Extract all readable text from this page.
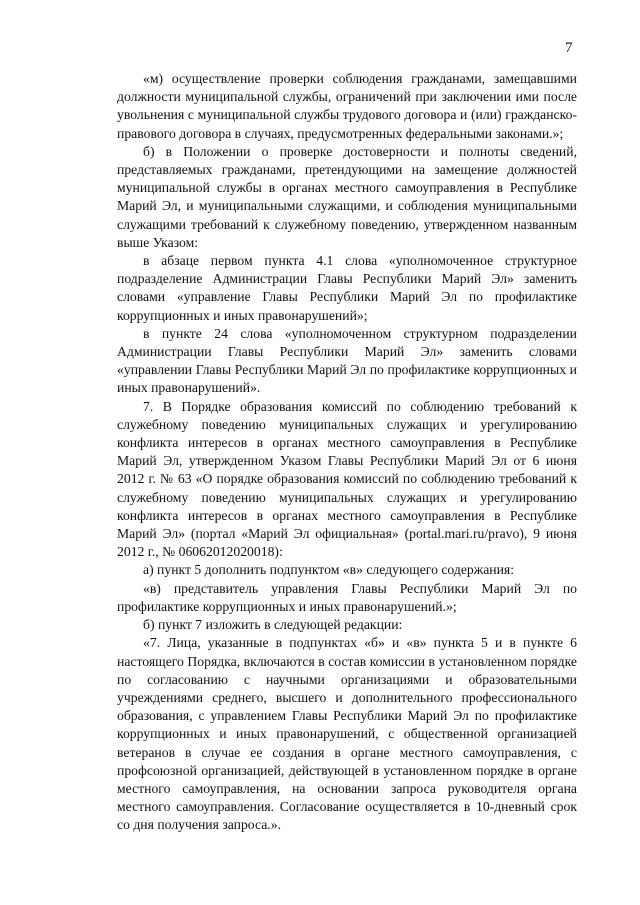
7

«м) осуществление проверки соблюдения гражданами, замещавшими должности муниципальной службы, ограничений при заключении ими после увольнения с муниципальной службы трудового договора и (или) гражданско-правового договора в случаях, предусмотренных федеральными законами.»;

б) в Положении о проверке достоверности и полноты сведений, представляемых гражданами, претендующими на замещение должностей муниципальной службы в органах местного самоуправления в Республике Марий Эл, и муниципальными служащими, и соблюдения муниципальными служащими требований к служебному поведению, утвержденном названным выше Указом:

в абзаце первом пункта 4.1 слова «уполномоченное структурное подразделение Администрации Главы Республики Марий Эл» заменить словами «управление Главы Республики Марий Эл по профилактике коррупционных и иных правонарушений»;

в пункте 24 слова «уполномоченном структурном подразделении Администрации Главы Республики Марий Эл» заменить словами «управлении Главы Республики Марий Эл по профилактике коррупционных и иных правонарушений».

7. В Порядке образования комиссий по соблюдению требований к служебному поведению муниципальных служащих и урегулированию конфликта интересов в органах местного самоуправления в Республике Марий Эл, утвержденном Указом Главы Республики Марий Эл от 6 июня 2012 г. № 63 «О порядке образования комиссий по соблюдению требований к служебному поведению муниципальных служащих и урегулированию конфликта интересов в органах местного самоуправления в Республике Марий Эл» (портал «Марий Эл официальная» (portal.mari.ru/pravo), 9 июня 2012 г., № 06062012020018):

а) пункт 5 дополнить подпунктом «в» следующего содержания:

«в) представитель управления Главы Республики Марий Эл по профилактике коррупционных и иных правонарушений.»;

б) пункт 7 изложить в следующей редакции:

«7. Лица, указанные в подпунктах «б» и «в» пункта 5 и в пункте 6 настоящего Порядка, включаются в состав комиссии в установленном порядке по согласованию с научными организациями и образовательными учреждениями среднего, высшего и дополнительного профессионального образования, с управлением Главы Республики Марий Эл по профилактике коррупционных и иных правонарушений, с общественной организацией ветеранов в случае ее создания в органе местного самоуправления, с профсоюзной организацией, действующей в установленном порядке в органе местного самоуправления, на основании запроса руководителя органа местного самоуправления. Согласование осуществляется в 10-дневный срок со дня получения запроса.».
